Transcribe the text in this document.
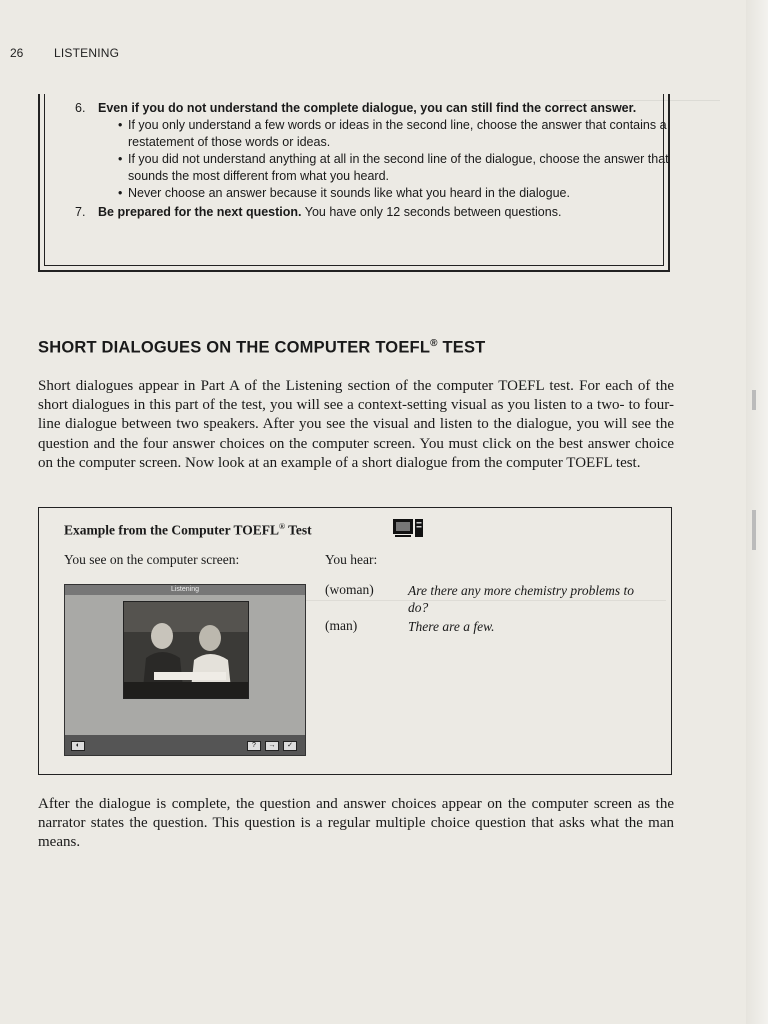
26	LISTENING
6.	Even if you do not understand the complete dialogue, you can still find the correct answer.
• If you only understand a few words or ideas in the second line, choose the answer that contains a restatement of those words or ideas.
• If you did not understand anything at all in the second line of the dialogue, choose the answer that sounds the most different from what you heard.
• Never choose an answer because it sounds like what you heard in the dialogue.
7.	Be prepared for the next question. You have only 12 seconds between questions.
SHORT DIALOGUES ON THE COMPUTER TOEFL® TEST

Short dialogues appear in Part A of the Listening section of the computer TOEFL test. For each of the short dialogues in this part of the test, you will see a context-setting visual as you listen to a two- to four-line dialogue between two speakers. After you see the visual and listen to the dialogue, you will see the question and the four answer choices on the computer screen. You must click on the best answer choice on the computer screen. Now look at an example of a short dialogue from the computer TOEFL test.

Example from the Computer TOEFL® Test
You see on the computer screen:	You hear:
(woman)	Are there any more chemistry problems to do?
(man)	There are a few.
Listening
◐	?	→	✓

After the dialogue is complete, the question and answer choices appear on the computer screen as the narrator states the question. This question is a regular multiple choice question that asks what the man means.
